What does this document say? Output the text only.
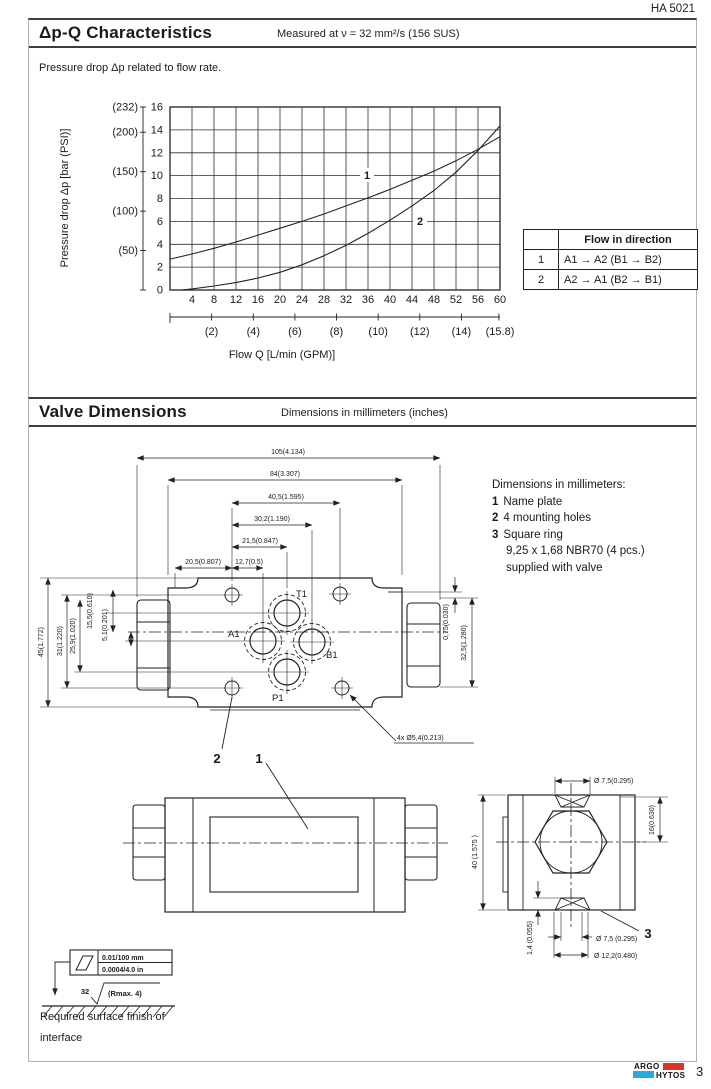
HA 5021
Δp-Q Characteristics	Measured at ν = 32 mm²/s (156 SUS)
Pressure drop Δp related to flow rate.
1
2
16
14
12
10
8
6
4
2
0
(232)
(200)
(150)
(100)
(50)
Pressure drop Δp [bar (PSI)]
4 8 12 16 20 24 28 32 36 40 44 48 52 56 60
(2)	(4)	(6)	(8) (10) (12) (14) (15.8)
Flow Q [L/min (GPM)]
	Flow in direction
1	A1 → A2 (B1 → B2)
2	A2 → A1 (B2 → B1)
Valve Dimensions	Dimensions in millimeters (inches)
Dimensions in millimeters:
1 Name plate
2 4 mounting holes
3 Square ring
9,25 x 1,68 NBR70 (4 pcs.)
supplied with valve
T1
A1
B1
P1
105(4.134)
84(3.307)
40,5(1.595)
30,2(1.190)
21,5(0.847)
20,5(0.807) 12,7(0.5)
45(1.772) 31(1.220) 25,9(1.020)
15,5(0.610) 5,1(0.201)	0,75(0.030)
32,5(1.280)
4x Ø5,4(0.213)
2	1
Ø 7,5(0.295)
16(0.630)
40 (1.575 )
1,4 (0.055)	Ø 7,5 (0.295)
Ø 12,2(0.480)
3
0.01/100 mm
0.0004/4.0 in
32	(Rmax. 4)
Required surface finish of
interface
ARGO
HYTOS 3
